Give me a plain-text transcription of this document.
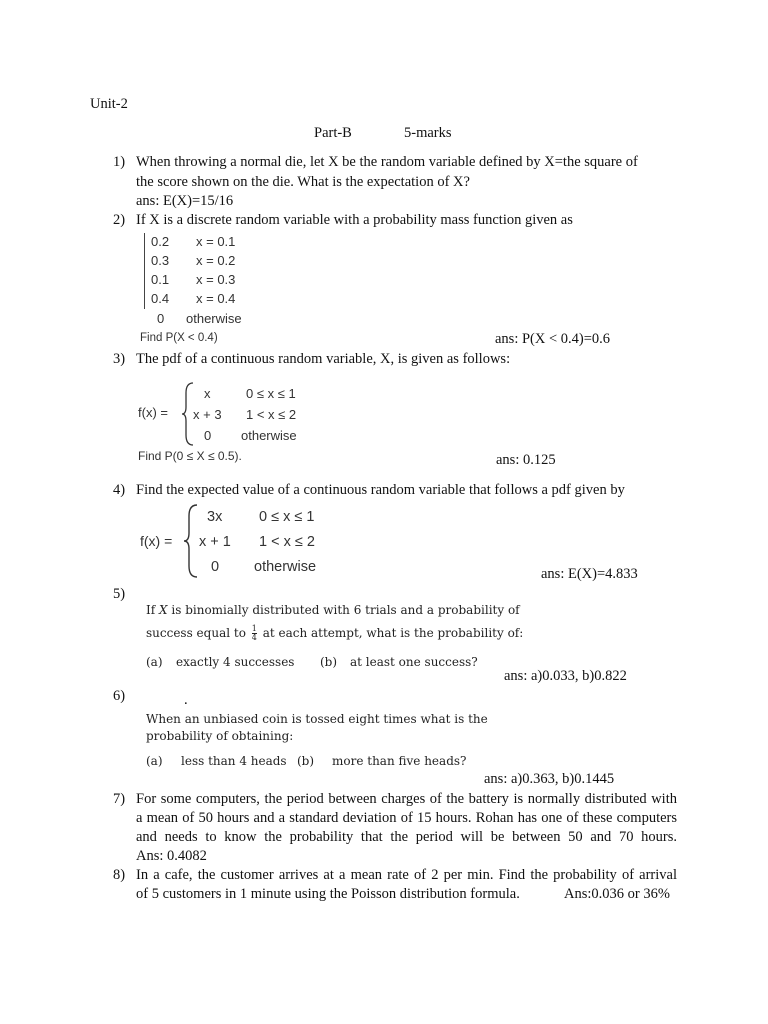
Unit-2
Part-B	5-marks
1) When throwing a normal die, let X be the random variable defined by X=the square of
the score shown on the die. What is the expectation of X?
ans: E(X)=15/16
2) If X is a discrete random variable with a probability mass function given as
0.2 x = 0.1
0.3 x = 0.2
0.1 x = 0.3
0.4 x = 0.4
0 otherwise
Find P(X < 0.4)	ans: P(X < 0.4)=0.6
3) The pdf of a continuous random variable, X, is given as follows:
f(x) =
x	0 ≤ x ≤ 1
x + 3 1 < x ≤ 2
0 otherwise
Find P(0 ≤ X ≤ 0.5).	ans: 0.125
4) Find the expected value of a continuous random variable that follows a pdf given by
f(x) =
3x	0 ≤ x ≤ 1
x + 1 1 < x ≤ 2
0 otherwise	ans: E(X)=4.833
5)
If X is binomially distributed with 6 trials and a probability of
success equal to $\frac{1}{4}$ at each attempt, what is the probability of:
(a) exactly 4 successes (b) at least one success?
ans: a)0.033, b)0.822
6)	.
When an unbiased coin is tossed eight times what is the
probability of obtaining:
(a) less than 4 heads (b) more than five heads?
ans: a)0.363, b)0.1445
7) For some computers, the period between charges of the battery is normally distributed with
a mean of 50 hours and a standard deviation of 15 hours. Rohan has one of these computers
and needs to know the probability that the period will be between 50 and 70 hours.
Ans: 0.4082
8) In a cafe, the customer arrives at a mean rate of 2 per min. Find the probability of arrival
of 5 customers in 1 minute using the Poisson distribution formula.	Ans:0.036 or 36%
